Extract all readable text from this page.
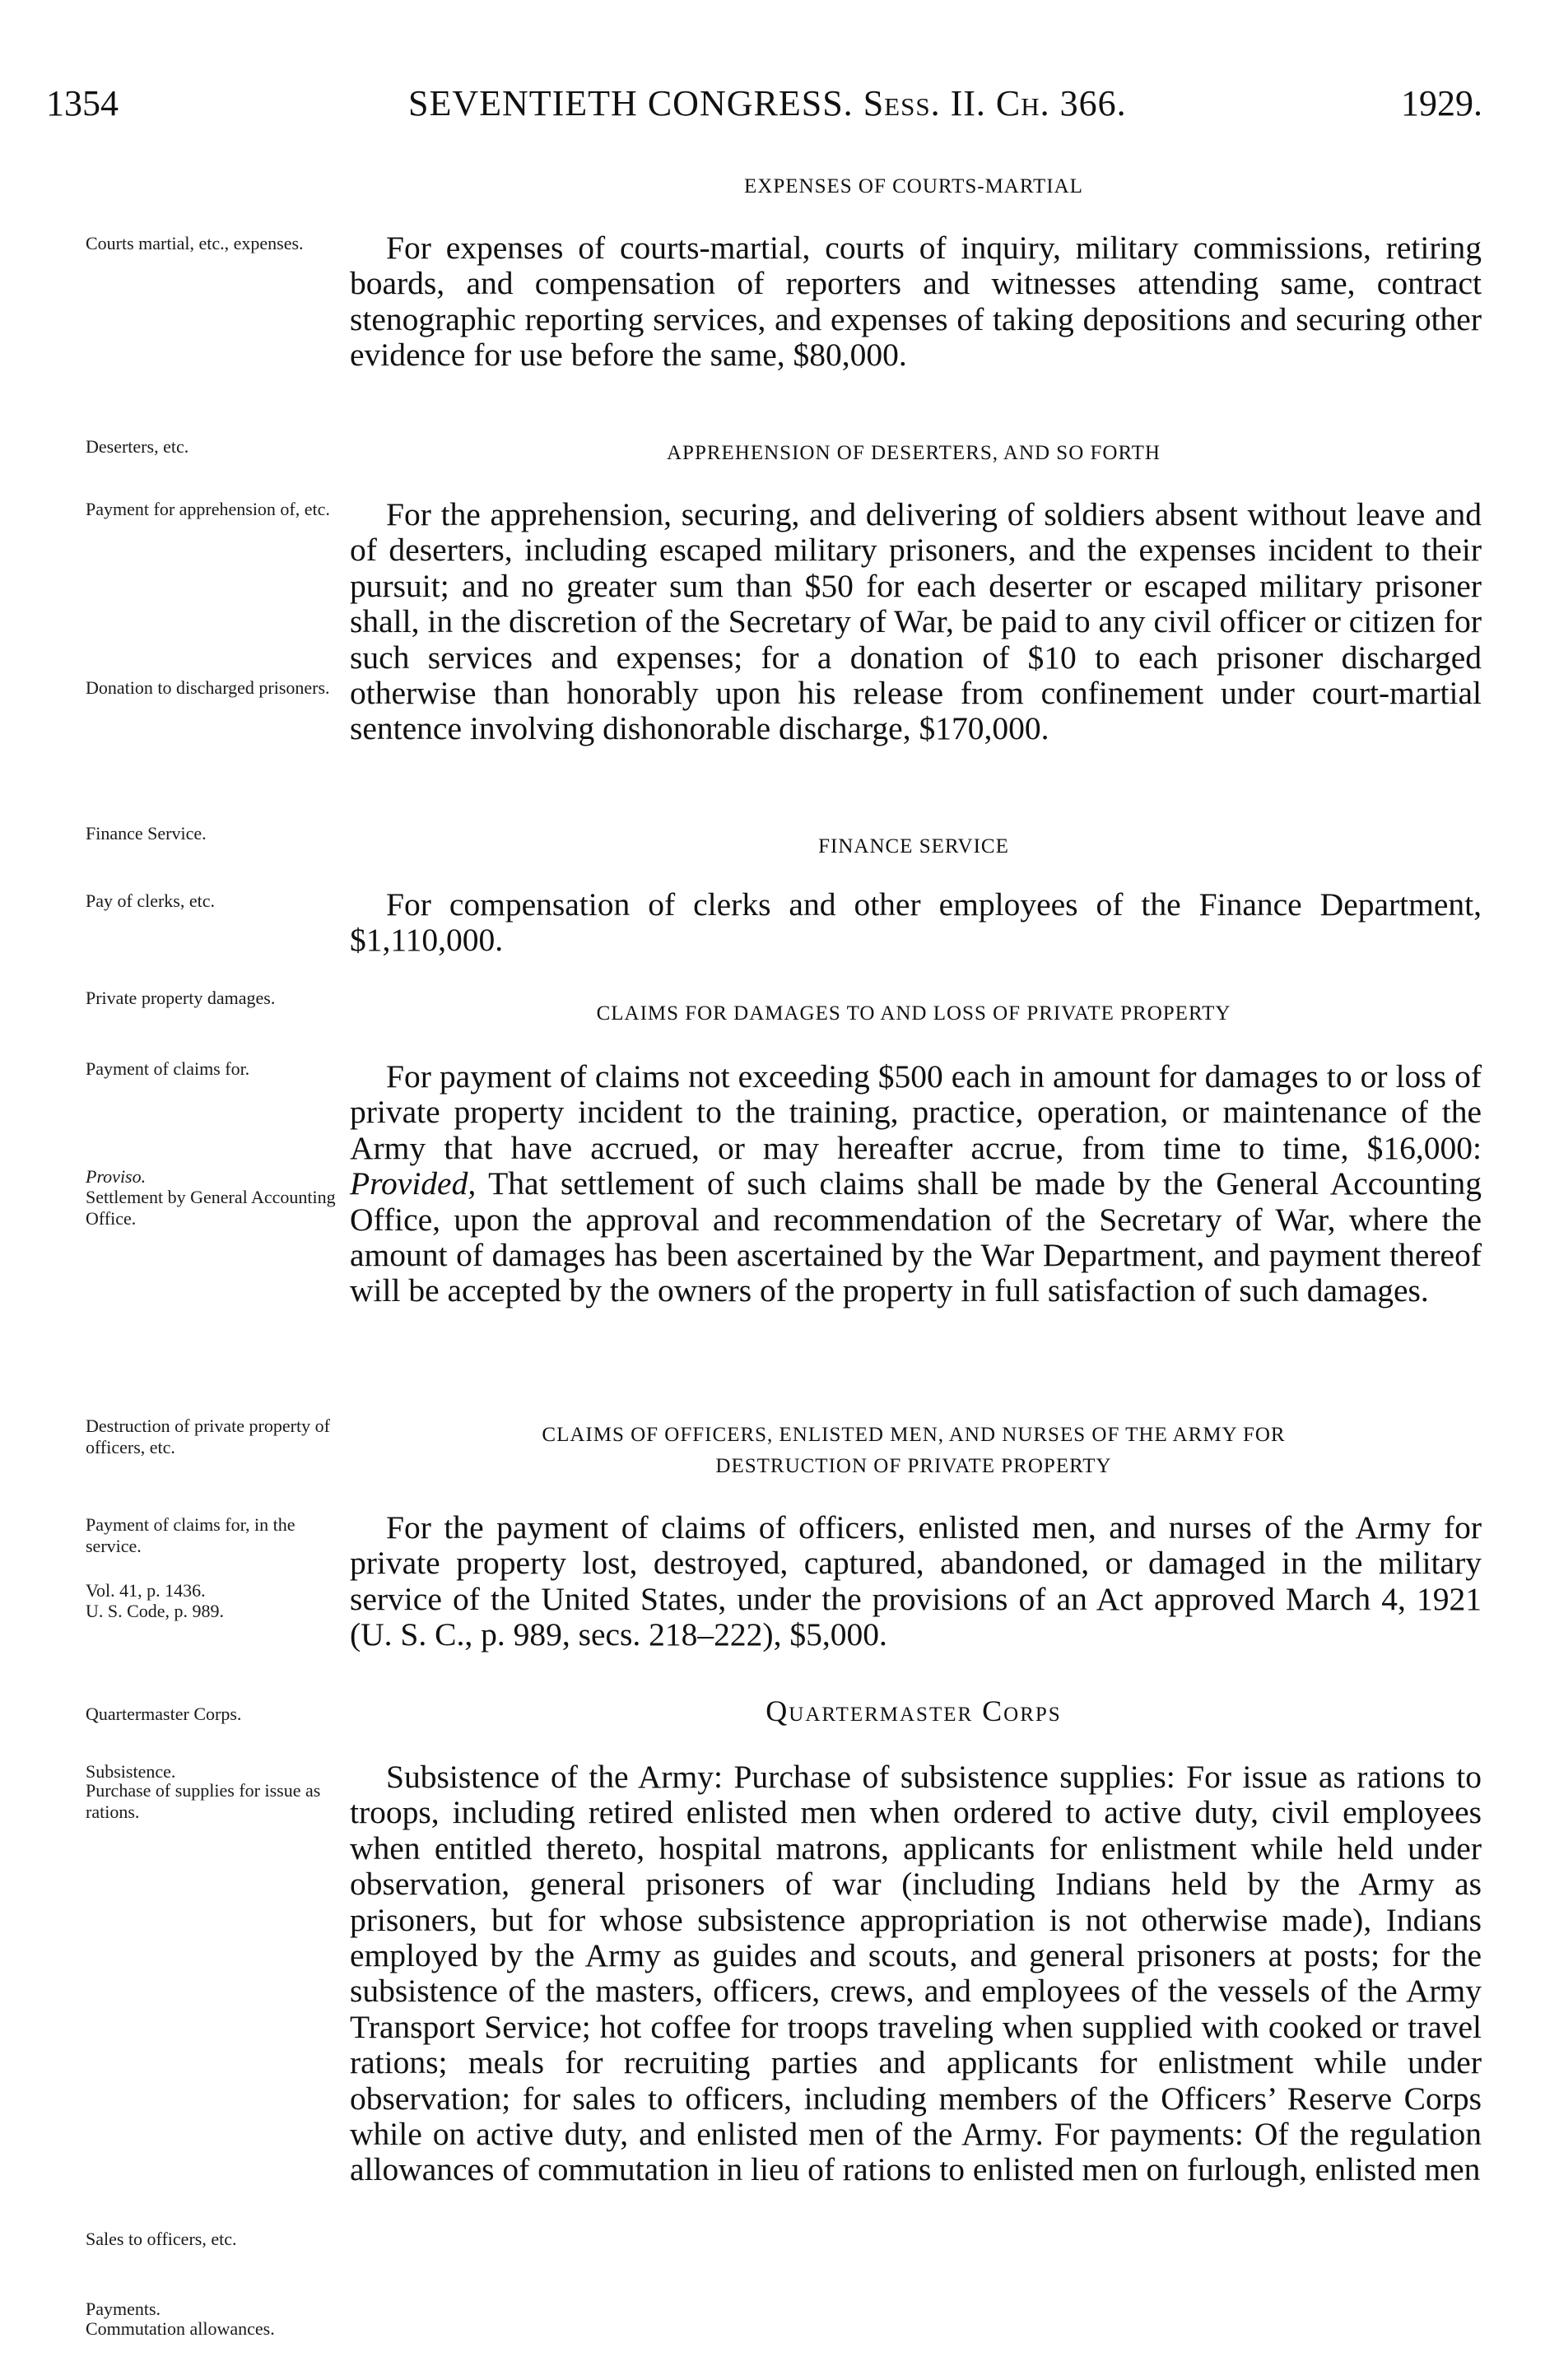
1354	SEVENTIETH CONGRESS. Sess. II. Ch. 366.	1929.
EXPENSES OF COURTS-MARTIAL
Courts martial, etc., expenses.	For expenses of courts-martial, courts of inquiry, military commissions, retiring boards, and compensation of reporters and witnesses attending same, contract stenographic reporting services, and expenses of taking depositions and securing other evidence for use before the same, $80,000.
Deserters, etc.	APPREHENSION OF DESERTERS, AND SO FORTH
Payment for apprehension of, etc.	For the apprehension, securing, and delivering of soldiers absent without leave and of deserters, including escaped military prisoners, and the expenses incident to their pursuit; and no greater sum than $50 for each deserter or escaped military prisoner shall, in the discretion of the Secretary of War, be paid to any civil officer or citizen for such services and expenses; for a donation of $10 to each prisoner discharged otherwise than honorably upon his release from confinement under court-martial sentence involving dishonorable discharge, $170,000.
Donation to discharged prisoners.
Finance Service.
FINANCE SERVICE
Pay of clerks, etc.	For compensation of clerks and other employees of the Finance Department, $1,110,000.
Private property damages.
CLAIMS FOR DAMAGES TO AND LOSS OF PRIVATE PROPERTY
Payment of claims for.	For payment of claims not exceeding $500 each in amount for damages to or loss of private property incident to the training, practice, operation, or maintenance of the Army that have accrued, or may hereafter accrue, from time to time, $16,000: Provided, That settlement of such claims shall be made by the General Accounting Office, upon the approval and recommendation of the Secretary of War, where the amount of damages has been ascertained by the War Department, and payment thereof will be accepted by the owners of the property in full satisfaction of such damages.
Proviso.
Settlement by General Accounting Office.
Destruction of private property of officers, etc.
CLAIMS OF OFFICERS, ENLISTED MEN, AND NURSES OF THE ARMY FOR
DESTRUCTION OF PRIVATE PROPERTY
Payment of claims for, in the service.
For the payment of claims of officers, enlisted men, and nurses of the Army for private property lost, destroyed, captured, abandoned, or damaged in the military service of the United States, under the provisions of an Act approved March 4, 1921 (U. S. C., p. 989, secs. 218–222), $5,000.
Vol. 41, p. 1436.
U. S. Code, p. 989.
Quartermaster Corps.	Quartermaster Corps
Subsistence.
Purchase of supplies for issue as rations.
Subsistence of the Army: Purchase of subsistence supplies: For issue as rations to troops, including retired enlisted men when ordered to active duty, civil employees when entitled thereto, hospital matrons, applicants for enlistment while held under observation, general prisoners of war (including Indians held by the Army as prisoners, but for whose subsistence appropriation is not otherwise made), Indians employed by the Army as guides and scouts, and general prisoners at posts; for the subsistence of the masters, officers, crews, and employees of the vessels of the Army Transport Service; hot coffee for troops traveling when supplied with cooked or travel rations; meals for recruiting parties and applicants for enlistment while under observation; for sales to officers, including members of the Officers’ Reserve Corps while on active duty, and enlisted men of the Army. For payments: Of the regulation allowances of commutation in lieu of rations to enlisted men on furlough, enlisted men
Sales to officers, etc.
Payments.
Commutation allowances.
